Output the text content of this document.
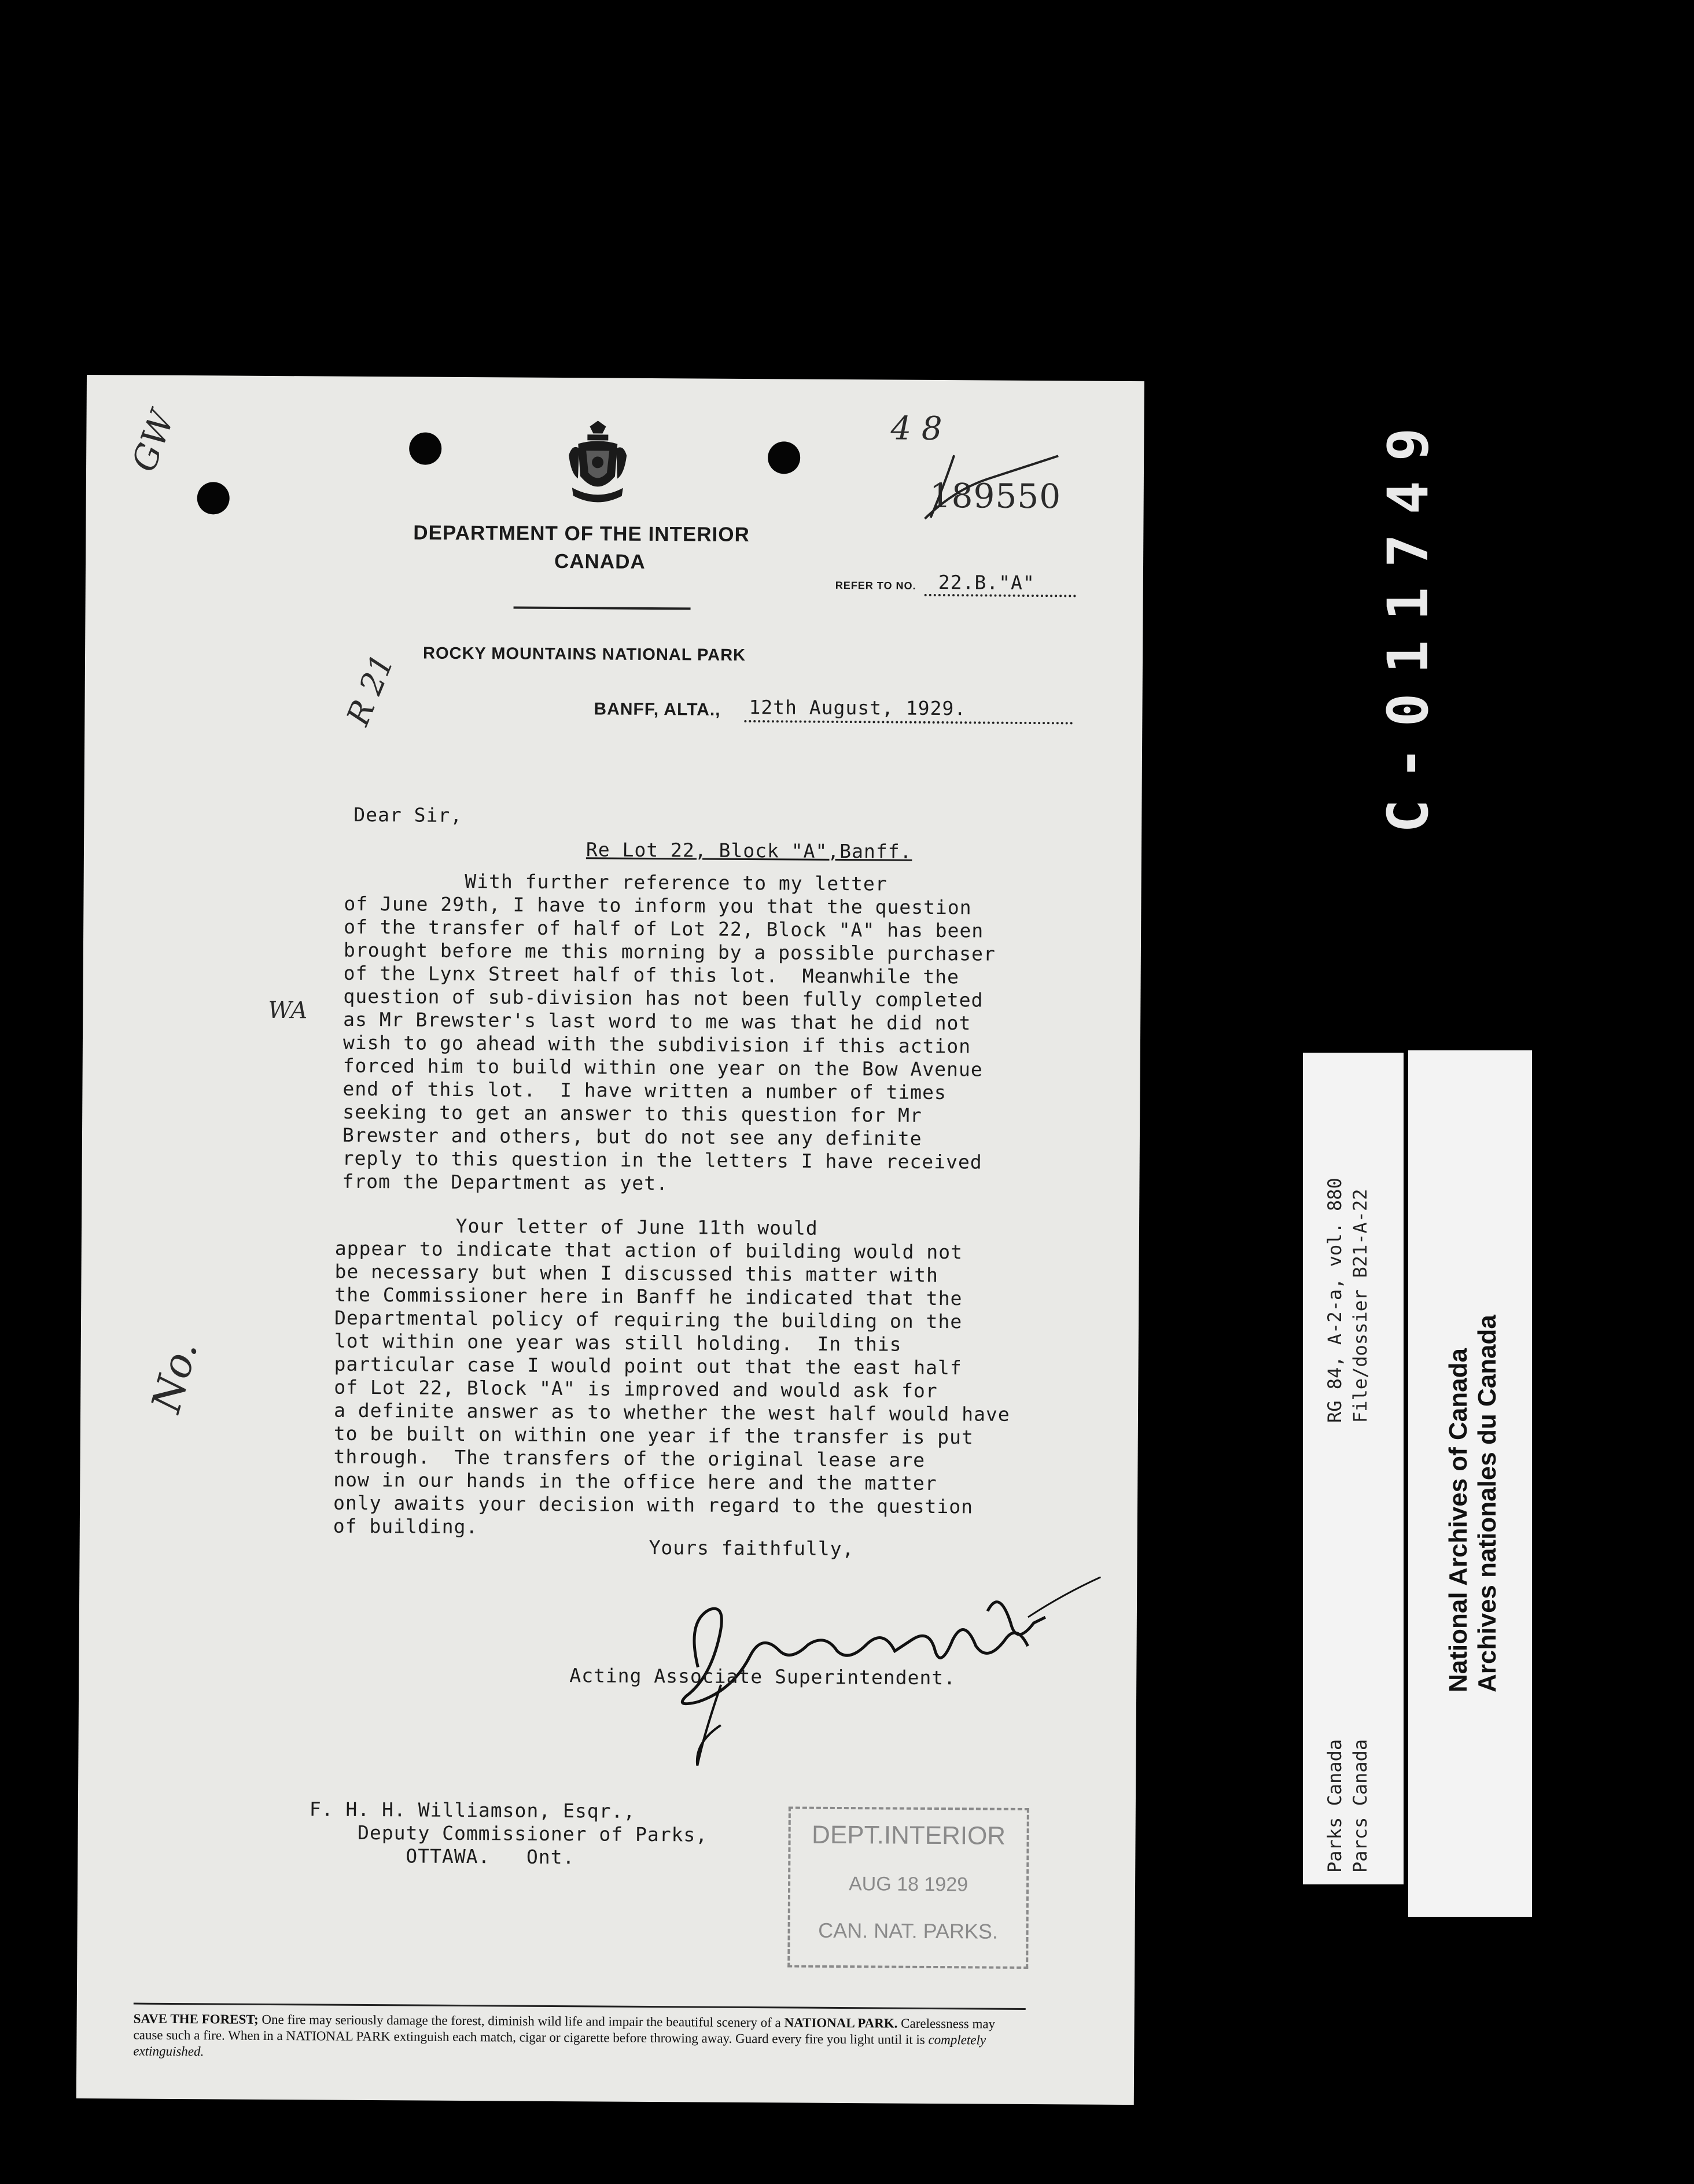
DEPARTMENT OF THE INTERIOR
CANADA
REFER TO NO. 22.B."A"
189550
4 8
GW
ROCKY MOUNTAINS NATIONAL PARK
R 21	BANFF, ALTA., 12th August, 1929.
Dear Sir,
Re Lot 22, Block "A",Banff.
With further reference to my letter
of June 29th, I have to inform you that the question
of the transfer of half of Lot 22, Block "A" has been
brought before me this morning by a possible purchaser
of the Lynx Street half of this lot.  Meanwhile the
question of sub-division has not been fully completed
as Mr Brewster's last word to me was that he did not
wish to go ahead with the subdivision if this action
forced him to build within one year on the Bow Avenue
end of this lot.  I have written a number of times
seeking to get an answer to this question for Mr
Brewster and others, but do not see any definite
reply to this question in the letters I have received
from the Department as yet.
WA
Your letter of June 11th would
appear to indicate that action of building would not
be necessary but when I discussed this matter with
the Commissioner here in Banff he indicated that the
Departmental policy of requiring the building on the
lot within one year was still holding.  In this
particular case I would point out that the east half
of Lot 22, Block "A" is improved and would ask for
a definite answer as to whether the west half would have
to be built on within one year if the transfer is put
through.  The transfers of the original lease are
now in our hands in the office here and the matter
only awaits your decision with regard to the question
of building.
No.
Yours faithfully,
Acting Associate Superintendent.
F. H. H. Williamson, Esqr.,
Deputy Commissioner of Parks,
OTTAWA.   Ont.
DEPT.INTERIOR
AUG 18 1929
CAN. NAT. PARKS.
SAVE THE FOREST; One fire may seriously damage the forest, diminish wild life and impair the beautiful scenery of a NATIONAL PARK. Carelessness may cause such a fire. When in a NATIONAL PARK extinguish each match, cigar or cigarette before throwing away. Guard every fire you light until it is completely extinguished.
C-011749
RG 84, A-2-a, vol. 880 File/dossier B21-A-22
Parks Canada Parcs Canada
National Archives of Canada Archives nationales du Canada
